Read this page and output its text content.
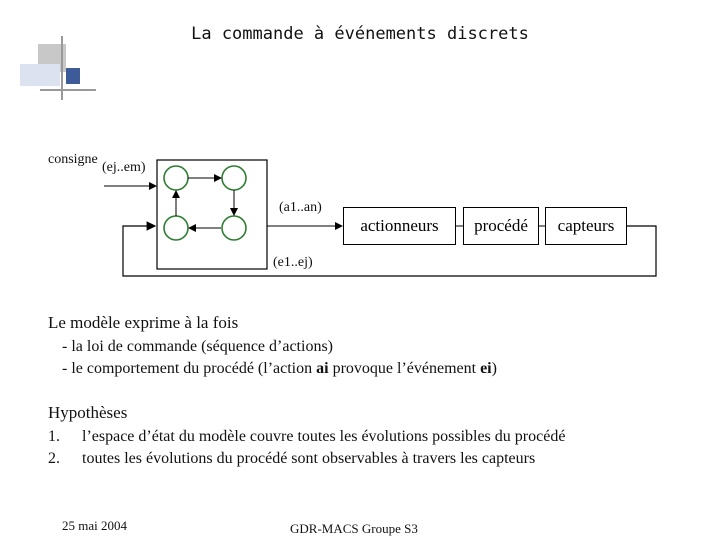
La commande à événements discrets
consigne
(ej..em)
(a1..an)
(e1..ej)
actionneurs	procédé	capteurs
Le modèle exprime à la fois
- la loi de commande (séquence d’actions)
- le comportement du procédé (l’action ai provoque l’événement ei)
Hypothèses
1. l’espace d’état du modèle couvre toutes les évolutions possibles du procédé
2. toutes les évolutions du procédé sont observables à travers les capteurs
25 mai 2004	GDR-MACS Groupe S3
